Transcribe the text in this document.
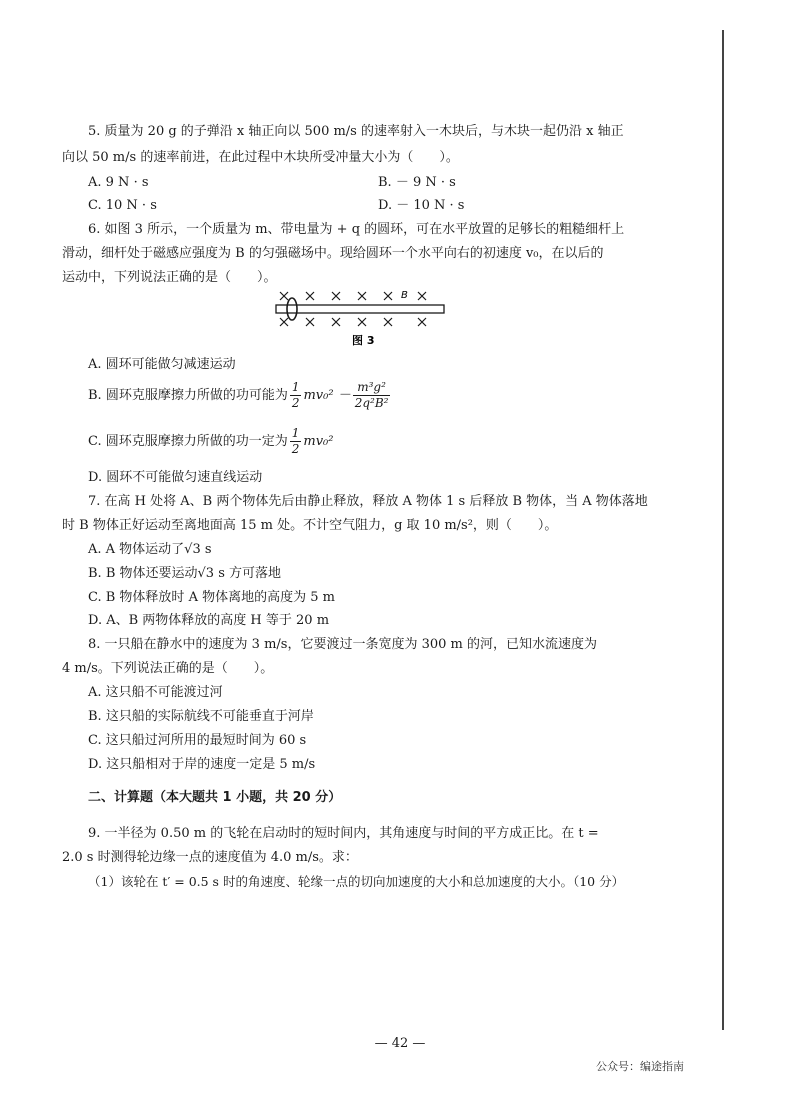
5. 质量为 20 g 的子弹沿 x 轴正向以 500 m/s 的速率射入一木块后，与木块一起仍沿 x 轴正
向以 50 m/s 的速率前进，在此过程中木块所受冲量大小为（　　）。
A. 9 N · s	B. － 9 N · s
C. 10 N · s	D. － 10 N · s
6. 如图 3 所示，一个质量为 m、带电量为 + q 的圆环，可在水平放置的足够长的粗糙细杆上
滑动，细杆处于磁感应强度为 B 的匀强磁场中。现给圆环一个水平向右的初速度 v₀，在以后的
运动中，下列说法正确的是（　　）。
B
图 3
A. 圆环可能做匀减速运动
B. 圆环克服摩擦力所做的功可能为 $\frac{1}{2} mv_0^2 - \frac{\text{m³g²}}{\text{2q²B²}}$
C. 圆环克服摩擦力所做的功一定为 $\frac{1}{2} mv_0^2$
D. 圆环不可能做匀速直线运动
7. 在高 H 处将 A、B 两个物体先后由静止释放，释放 A 物体 1 s 后释放 B 物体，当 A 物体落地
时 B 物体正好运动至离地面高 15 m 处。不计空气阻力，g 取 10 m/s²，则（　　）。
A. A 物体运动了√3 s
B. B 物体还要运动√3 s 方可落地
C. B 物体释放时 A 物体离地的高度为 5 m
D. A、B 两物体释放的高度 H 等于 20 m
8. 一只船在静水中的速度为 3 m/s，它要渡过一条宽度为 300 m 的河，已知水流速度为
4 m/s。下列说法正确的是（　　）。
A. 这只船不可能渡过河
B. 这只船的实际航线不可能垂直于河岸
C. 这只船过河所用的最短时间为 60 s
D. 这只船相对于岸的速度一定是 5 m/s
二、计算题（本大题共 1 小题，共 20 分）
9. 一半径为 0.50 m 的飞轮在启动时的短时间内，其角速度与时间的平方成正比。在 t =
2.0 s 时测得轮边缘一点的速度值为 4.0 m/s。求：
（1）该轮在 t′ = 0.5 s 时的角速度、轮缘一点的切向加速度的大小和总加速度的大小。（10 分）
— 42 —
公众号：编途指南
